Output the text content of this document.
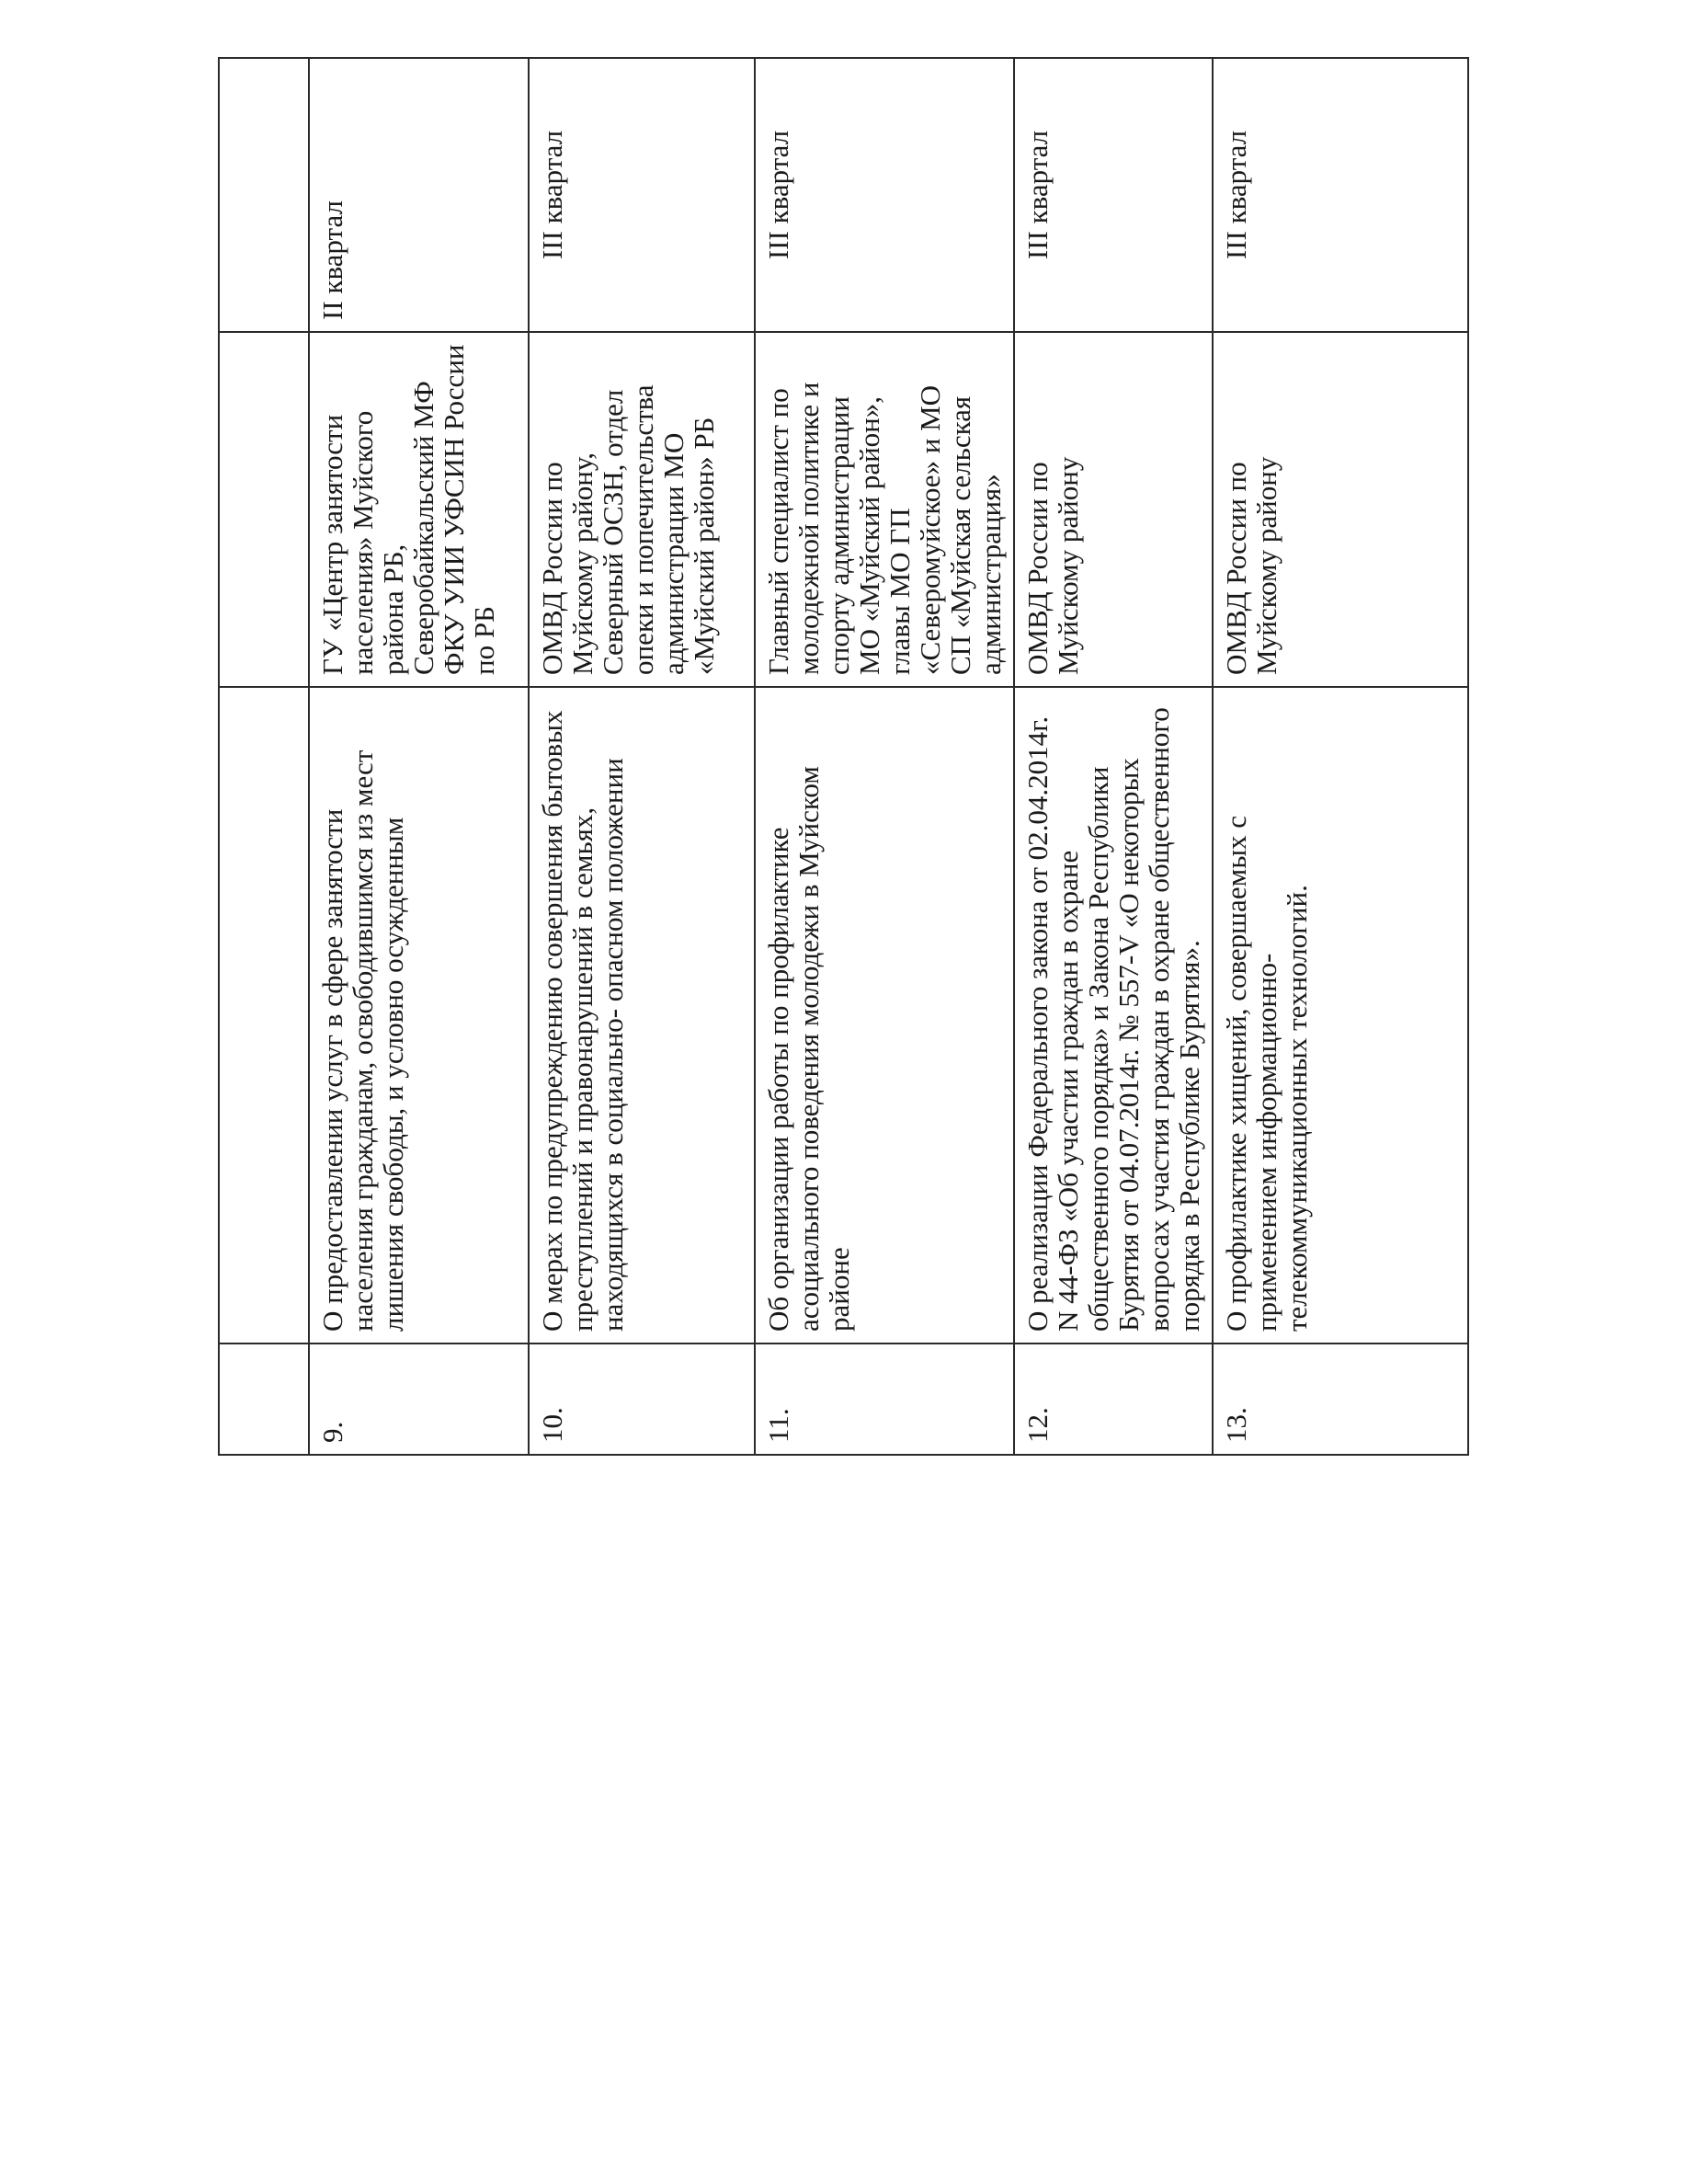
9.	О предоставлении услуг в сфере занятости населения гражданам, освободившимся из мест лишения свободы, и условно осужденным	ГУ «Центр занятости населения» Муйского района РБ, Северобайкальский МФ ФКУ УИИ УФСИН России по РБ	II квартал
10.	О мерах по предупреждению совершения бытовых преступлений и правонарушений в семьях, находящихся в социально- опасном положении	ОМВД России по Муйскому району, Северный ОСЗН, отдел опеки и попечительства администрации МО «Муйский район» РБ	III квартал
11.	Об организации работы по профилактике асоциального поведения молодежи в Муйском районе	Главный специалист по молодежной политике и спорту администрации МО «Муйский район», главы МО ГП «Северомуйское» и МО СП «Муйская сельская администрация»	III квартал
12.	О реализации Федерального закона от 02.04.2014г. N 44-ФЗ «Об участии граждан в охране общественного порядка» и Закона Республики Бурятия от 04.07.2014г. № 557-V «О некоторых вопросах участия граждан в охране общественного порядка в Республике Бурятия».	ОМВД России по Муйскому району	III квартал
13.	О профилактике хищений, совершаемых с применением информационно-телекоммуникационных технологий.	ОМВД России по Муйскому району	III квартал
